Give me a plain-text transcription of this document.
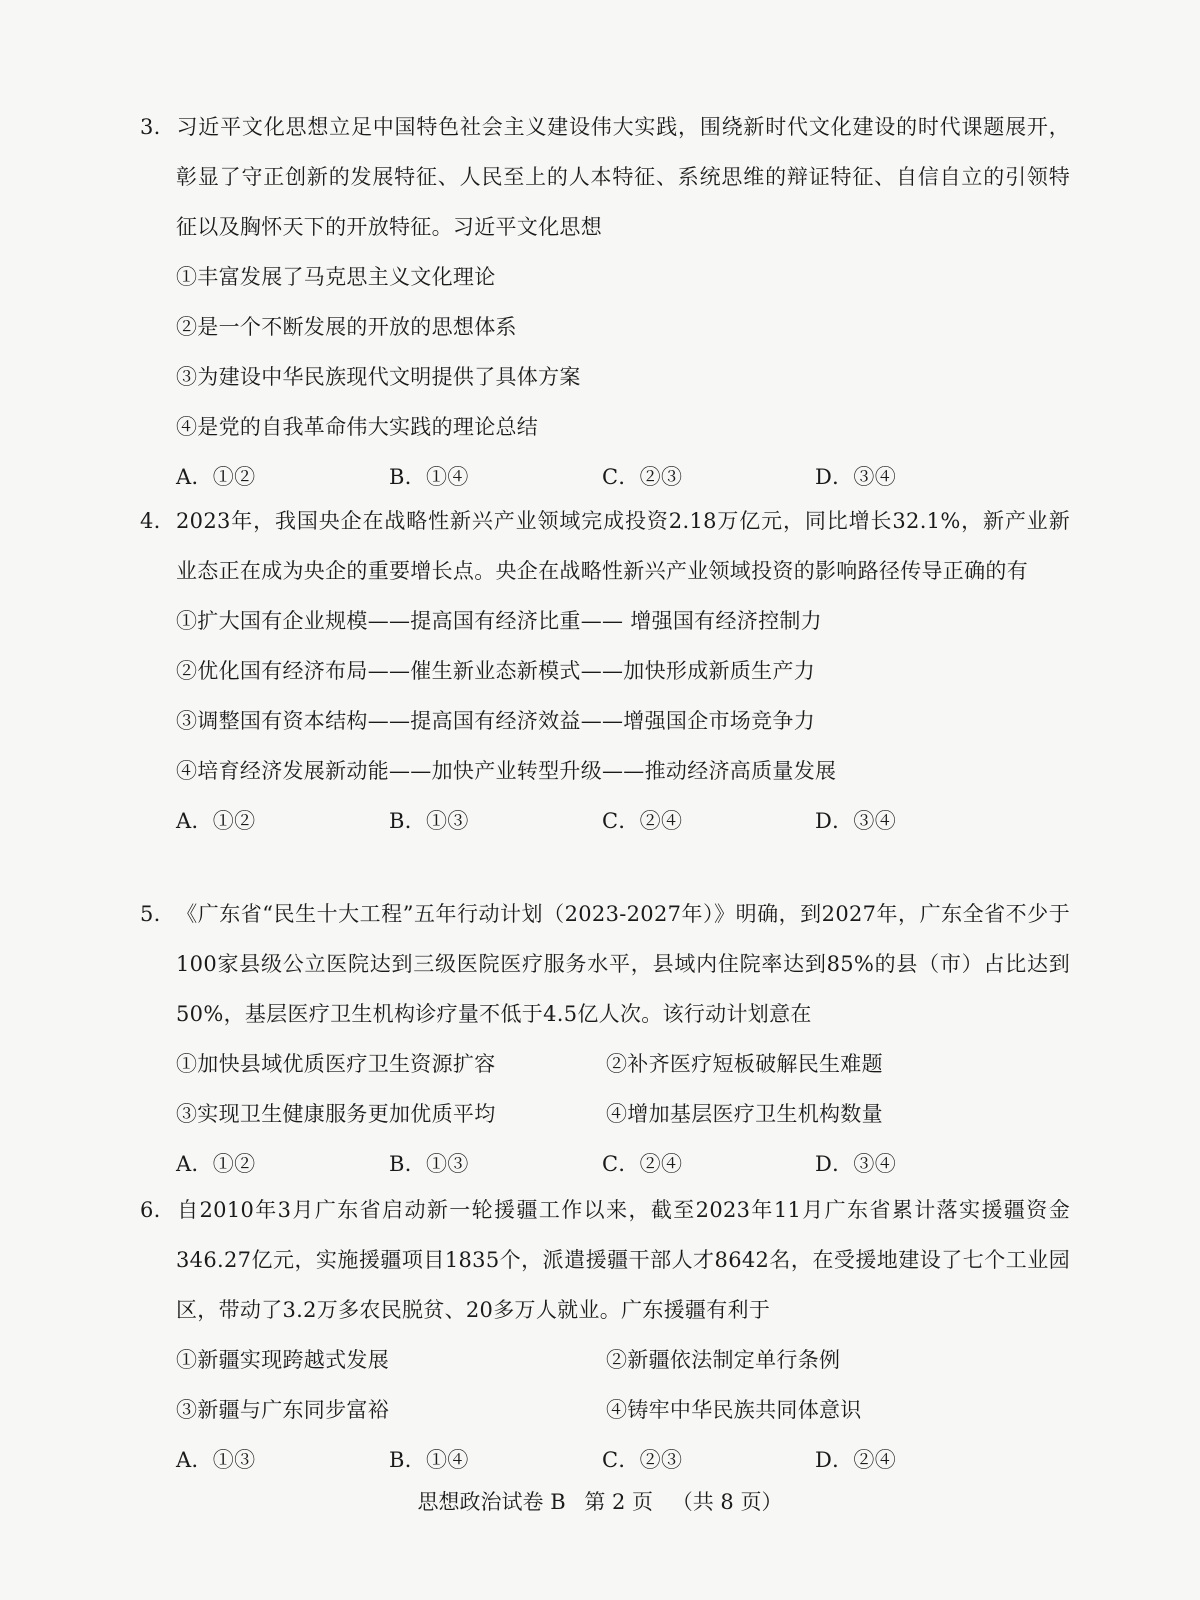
3. 习近平文化思想立足中国特色社会主义建设伟大实践，围绕新时代文化建设的时代课题展开，彰显了守正创新的发展特征、人民至上的人本特征、系统思维的辩证特征、自信自立的引领特征以及胸怀天下的开放特征。习近平文化思想
①丰富发展了马克思主义文化理论
②是一个不断发展的开放的思想体系
③为建设中华民族现代文明提供了具体方案
④是党的自我革命伟大实践的理论总结
A．①②	B．①④	C．②③	D．③④
4. 2023年，我国央企在战略性新兴产业领域完成投资2.18万亿元，同比增长32.1%，新产业新业态正在成为央企的重要增长点。央企在战略性新兴产业领域投资的影响路径传导正确的有
①扩大国有企业规模——提高国有经济比重—— 增强国有经济控制力
②优化国有经济布局——催生新业态新模式——加快形成新质生产力
③调整国有资本结构——提高国有经济效益——增强国企市场竞争力
④培育经济发展新动能——加快产业转型升级——推动经济高质量发展
A．①②	B．①③	C．②④	D．③④
5. 《广东省“民生十大工程”五年行动计划（2023-2027年）》明确，到2027年，广东全省不少于100家县级公立医院达到三级医院医疗服务水平，县域内住院率达到85%的县（市）占比达到50%，基层医疗卫生机构诊疗量不低于4.5亿人次。该行动计划意在
①加快县域优质医疗卫生资源扩容	②补齐医疗短板破解民生难题
③实现卫生健康服务更加优质平均	④增加基层医疗卫生机构数量
A．①②	B．①③	C．②④	D．③④
6. 自2010年3月广东省启动新一轮援疆工作以来，截至2023年11月广东省累计落实援疆资金346.27亿元，实施援疆项目1835个，派遣援疆干部人才8642名，在受援地建设了七个工业园区，带动了3.2万多农民脱贫、20多万人就业。广东援疆有利于
①新疆实现跨越式发展	②新疆依法制定单行条例
③新疆与广东同步富裕	④铸牢中华民族共同体意识
A．①③	B．①④	C．②③	D．②④
思想政治试卷 B 第 2 页 （共 8 页）
